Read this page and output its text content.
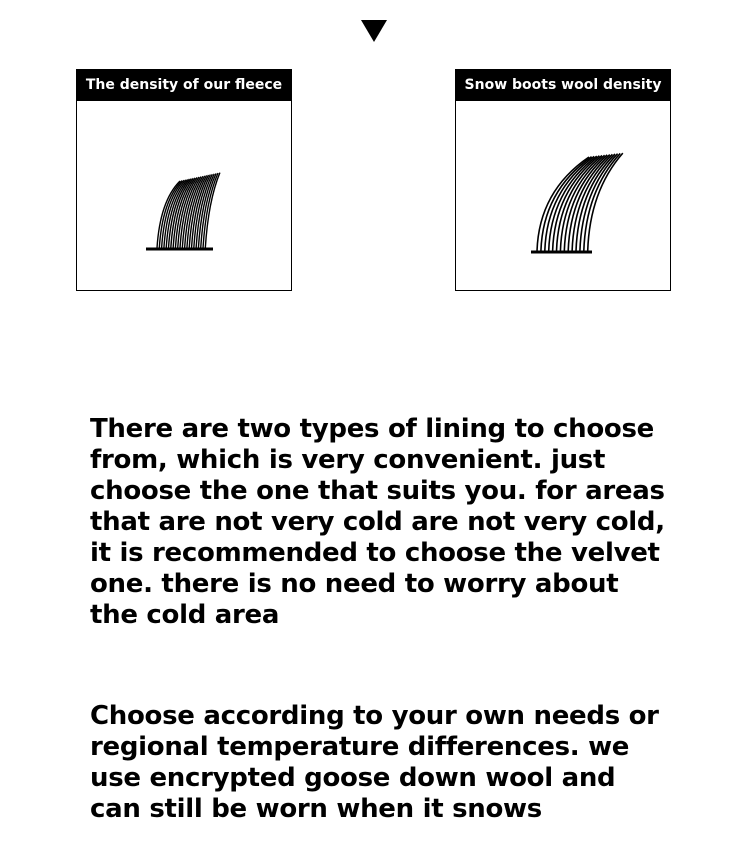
The density of our fleece	Snow boots wool density
There are two types of lining to choose from, which is very convenient. just choose the one that suits you. for areas that are not very cold are not very cold, it is recommended to choose the velvet one. there is no need to worry about the cold area
Choose according to your own needs or regional temperature differences. we use encrypted goose down wool and can still be worn when it snows
